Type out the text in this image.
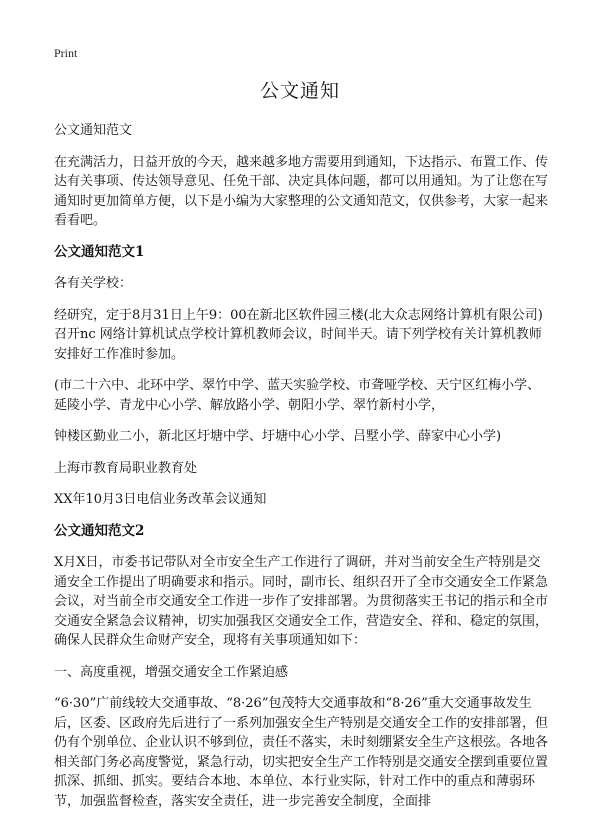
Print
公文通知

公文通知范文

在充满活力，日益开放的今天，越来越多地方需要用到通知，下达指示、布置工作、传达有关事项、传达领导意见、任免干部、决定具体问题，都可以用通知。为了让您在写通知时更加简单方便，以下是小编为大家整理的公文通知范文，仅供参考，大家一起来看看吧。

公文通知范文1

各有关学校：

经研究，定于8月31日上午9：00在新北区软件园三楼(北大众志网络计算机有限公司)召开nc 网络计算机试点学校计算机教师会议，时间半天。请下列学校有关计算机教师安排好工作准时参加。

(市二十六中、北环中学、翠竹中学、蓝天实验学校、市聋哑学校、天宁区红梅小学、延陵小学、青龙中心小学、解放路小学、朝阳小学、翠竹新村小学，

钟楼区勤业二小，新北区圩塘中学、圩塘中心小学、吕墅小学、薛家中心小学)

上海市教育局职业教育处

XX年10月3日电信业务改革会议通知

公文通知范文2

X月X日，市委书记带队对全市安全生产工作进行了调研，并对当前安全生产特别是交通安全工作提出了明确要求和指示。同时，副市长、组织召开了全市交通安全工作紧急会议，对当前全市交通安全工作进一步作了安排部署。为贯彻落实王书记的指示和全市交通安全紧急会议精神，切实加强我区交通安全工作，营造安全、祥和、稳定的氛围，确保人民群众生命财产安全，现将有关事项通知如下：

一、高度重视，增强交通安全工作紧迫感

“6·30”广前线较大交通事故、“8·26”包茂特大交通事故和“8·26”重大交通事故发生后，区委、区政府先后进行了一系列加强安全生产特别是交通安全工作的安排部署，但仍有个别单位、企业认识不够到位，责任不落实，未时刻绷紧安全生产这根弦。各地各相关部门务必高度警觉，紧急行动，切实把安全生产工作特别是交通安全摆到重要位置抓深、抓细、抓实。要结合本地、本单位、本行业实际，针对工作中的重点和薄弱环节，加强监督检查，落实安全责任，进一步完善安全制度，全面排
